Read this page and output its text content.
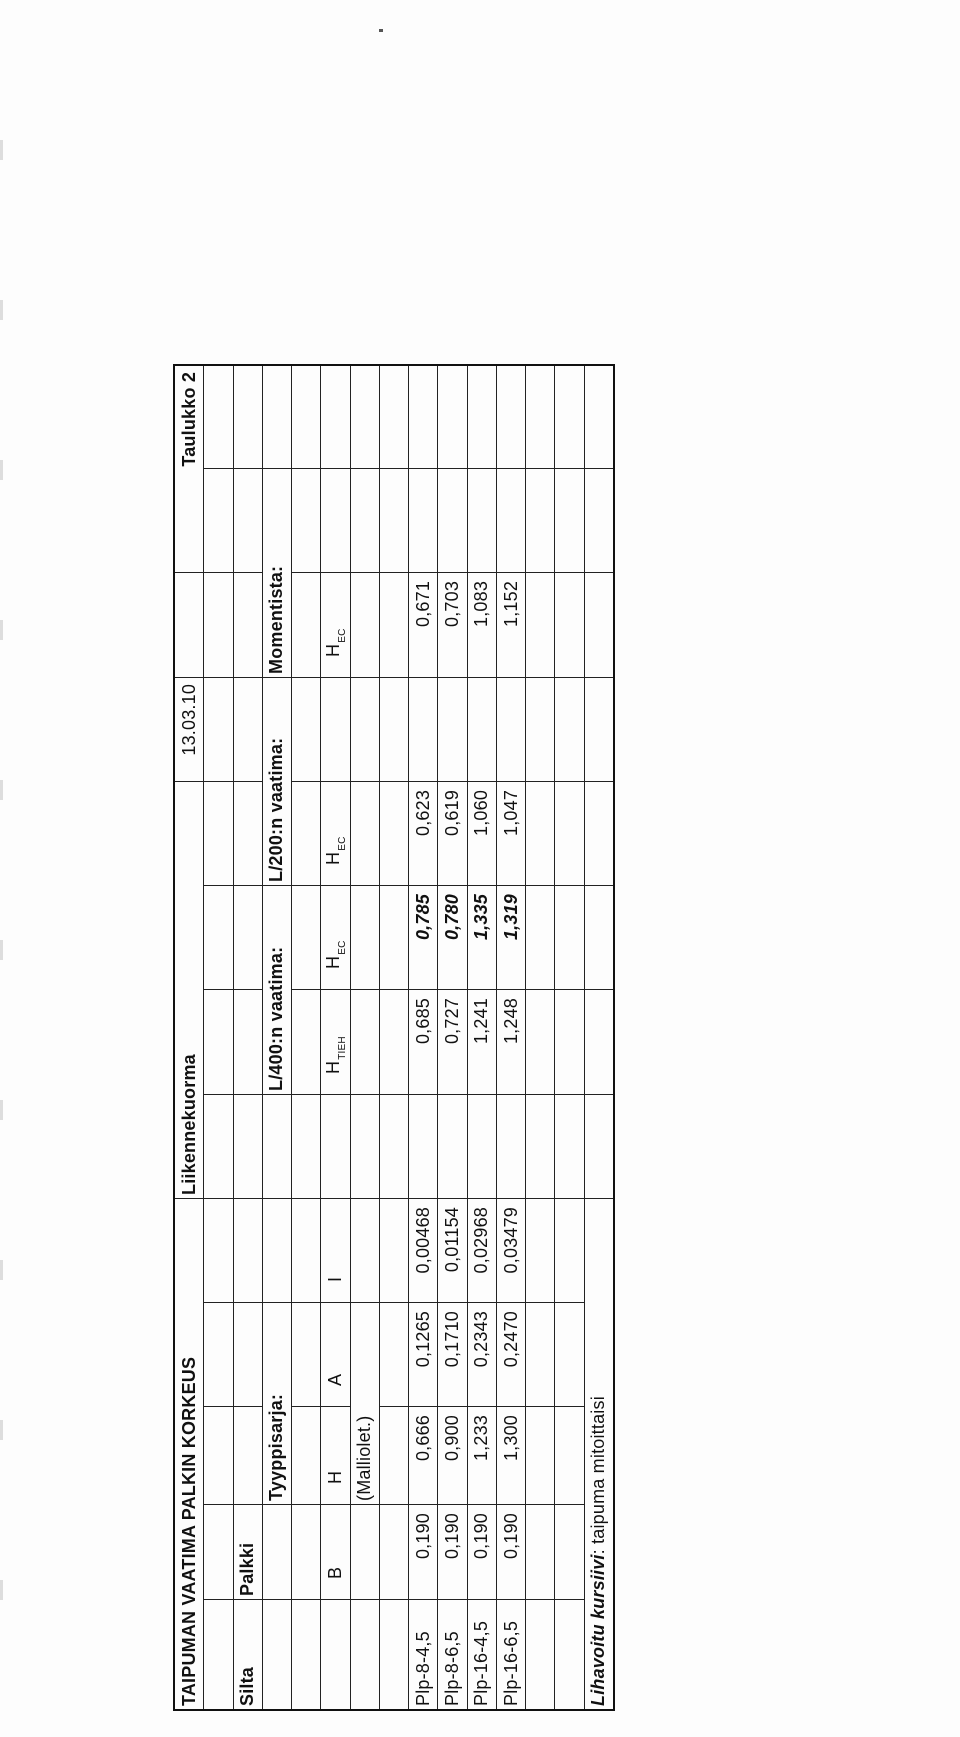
TAIPUMAN VAATIMA PALKIN KORKEUS					Liikennekuorma				13.03.10		Taulukko 2	

Silta	Palkki											
		Tyyppisarja:				L/400:n vaatima:		L/200:n vaatima:		Momentista:		

	B	H	A	I		$H_{TIEH}$	$H_{EC}$	$H_{EC}$		$H_{EC}$		
		(Malliolet.)										

Plp-8-4,5	0,190	0,666	0,1265	0,00468		0,685	0,785	0,623		0,671		
Plp-8-6,5	0,190	0,900	0,1710	0,01154		0,727	0,780	0,619		0,703		
Plp-16-4,5	0,190	1,233	0,2343	0,02968		1,241	1,335	1,060		1,083		
Plp-16-6,5	0,190	1,300	0,2470	0,03479		1,248	1,319	1,047		1,152		

Lihavoitu kursiivi: taipuma mitoittaisi												
